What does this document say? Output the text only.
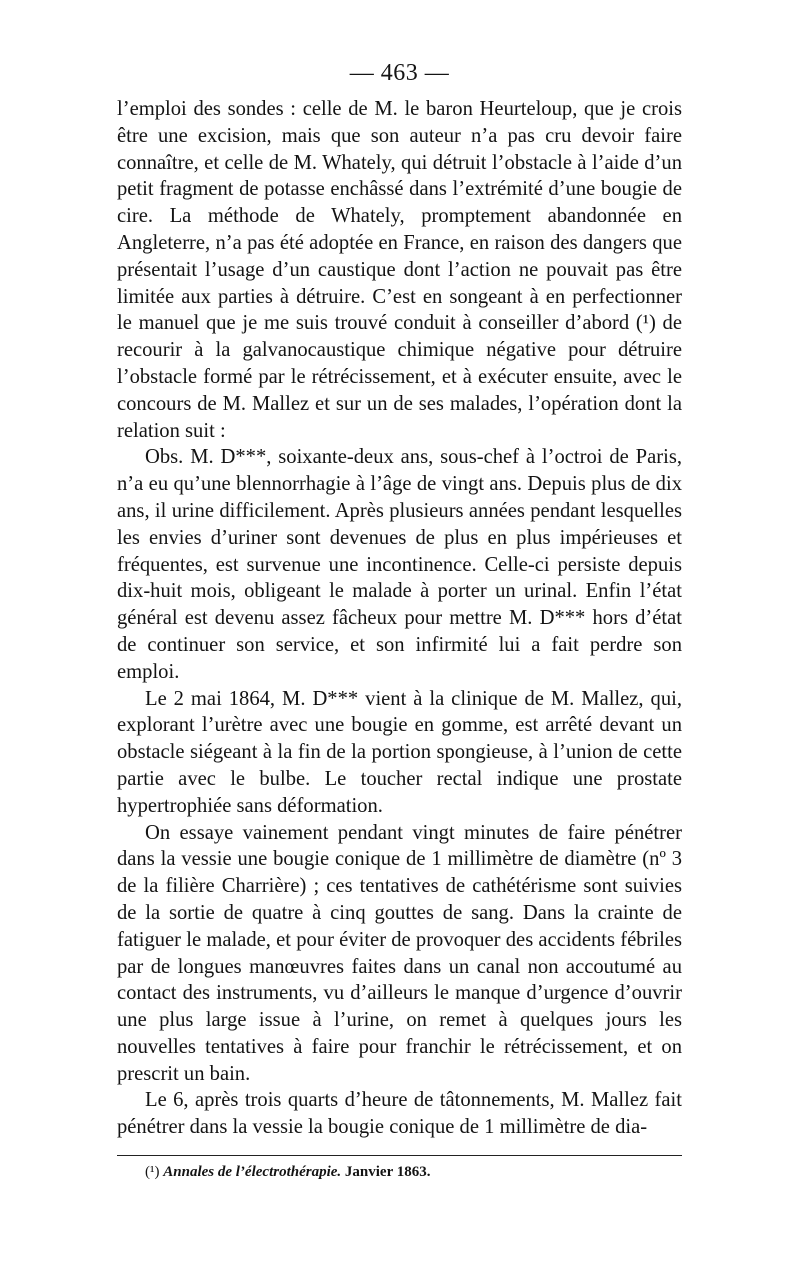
— 463 —

l’emploi des sondes : celle de M. le baron Heurteloup, que je crois être une excision, mais que son auteur n’a pas cru devoir faire connaître, et celle de M. Whately, qui détruit l’obstacle à l’aide d’un petit fragment de potasse enchâssé dans l’extrémité d’une bougie de cire. La méthode de Whately, promptement abandonnée en Angleterre, n’a pas été adoptée en France, en raison des dangers que présentait l’usage d’un caustique dont l’action ne pouvait pas être limitée aux parties à détruire. C’est en songeant à en perfectionner le manuel que je me suis trouvé conduit à conseiller d’abord (¹) de recourir à la galvanocaustique chimique négative pour détruire l’obstacle formé par le rétrécissement, et à exécuter ensuite, avec le concours de M. Mallez et sur un de ses malades, l’opération dont la relation suit :

Obs. M. D***, soixante-deux ans, sous-chef à l’octroi de Paris, n’a eu qu’une blennorrhagie à l’âge de vingt ans. Depuis plus de dix ans, il urine difficilement. Après plusieurs années pendant lesquelles les envies d’uriner sont devenues de plus en plus impérieuses et fréquentes, est survenue une incontinence. Celle-ci persiste depuis dix-huit mois, obligeant le malade à porter un urinal. Enfin l’état général est devenu assez fâcheux pour mettre M. D*** hors d’état de continuer son service, et son infirmité lui a fait perdre son emploi.

Le 2 mai 1864, M. D*** vient à la clinique de M. Mallez, qui, explorant l’urètre avec une bougie en gomme, est arrêté devant un obstacle siégeant à la fin de la portion spongieuse, à l’union de cette partie avec le bulbe. Le toucher rectal indique une prostate hypertrophiée sans déformation.

On essaye vainement pendant vingt minutes de faire pénétrer dans la vessie une bougie conique de 1 millimètre de diamètre (nº 3 de la filière Charrière) ; ces tentatives de cathétérisme sont suivies de la sortie de quatre à cinq gouttes de sang. Dans la crainte de fatiguer le malade, et pour éviter de provoquer des accidents fébriles par de longues manœuvres faites dans un canal non accoutumé au contact des instruments, vu d’ailleurs le manque d’urgence d’ouvrir une plus large issue à l’urine, on remet à quelques jours les nouvelles tentatives à faire pour franchir le rétrécissement, et on prescrit un bain.

Le 6, après trois quarts d’heure de tâtonnements, M. Mallez fait pénétrer dans la vessie la bougie conique de 1 millimètre de dia-

(¹) Annales de l’électrothérapie. Janvier 1863.
